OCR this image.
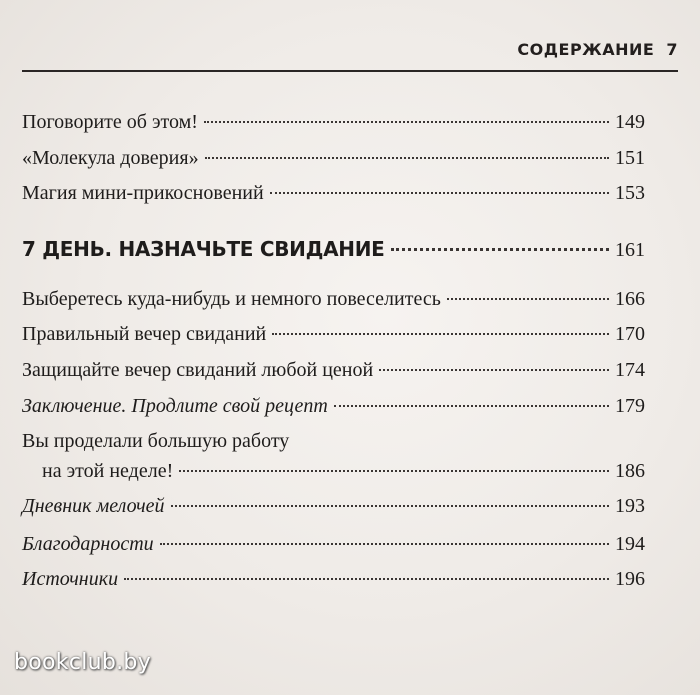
СОДЕРЖАНИЕ 7
Поговорите об этом!	149
«Молекула доверия»	151
Магия мини-прикосновений	153
7 ДЕНЬ. НАЗНАЧЬТЕ СВИДАНИЕ	161
Выберетесь куда-нибудь и немного повеселитесь	166
Правильный вечер свиданий	170
Защищайте вечер свиданий любой ценой	174
Заключение. Продлите свой рецепт	179
Вы проделали большую работу
на этой неделе!	186
Дневник мелочей	193
Благодарности	194
Источники	196
bookclub.by
